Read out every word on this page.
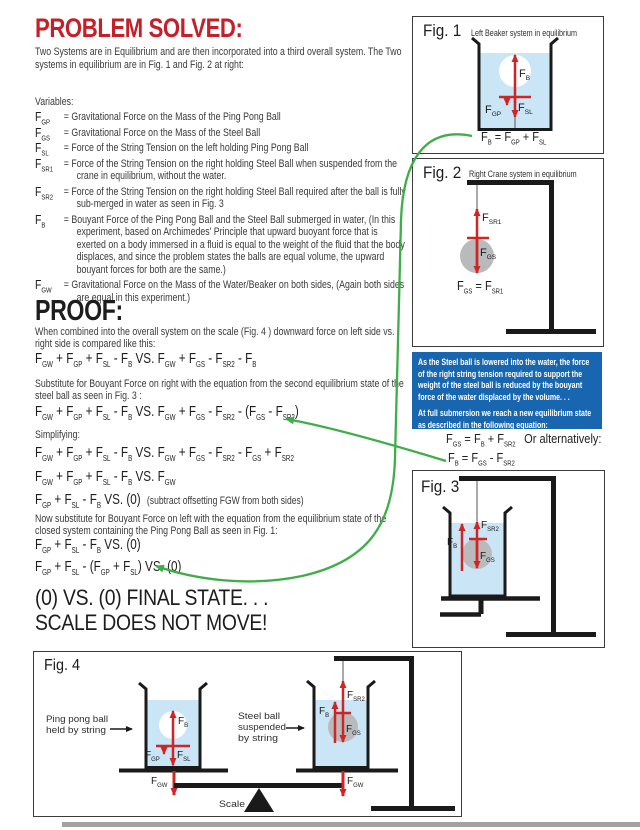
PROBLEM SOLVED:
Two Systems are in Equilibrium and are then incorporated into a third overall system. The Two systems in equilibrium are in Fig. 1 and Fig. 2 at right:
Variables:
$F_{GP}$	= Gravitational Force on the Mass of the Ping Pong Ball
$F_{GS}$	= Gravitational Force on the Mass of the Steel Ball
$F_{SL}$	= Force of the String Tension on the left holding Ping Pong Ball
$F_{SR1}$ = Force of the String Tension on the right holding Steel Ball when suspended from the crane in equilibrium, without the water.
$F_{SR2}$ = Force of the String Tension on the right holding Steel Ball required after the ball is fully sub-merged in water as seen in Fig. 3
$F_B$	= Bouyant Force of the Ping Pong Ball and the Steel Ball submerged in water, (In this experiment, based on Archimedes' Principle that upward buoyant force that is exerted on a body immersed in a fluid is equal to the weight of the fluid that the body displaces, and since the problem states the balls are equal volume, the upward bouyant forces for both are the same.)
$F_{GW}$	= Gravitational Force on the Mass of the Water/Beaker on both sides, (Again both sides are equal in this experiment.)
PROOF:
When combined into the overall system on the scale (Fig. 4 ) downward force on left side vs. right side is compared like this:
$F_{GW} + F_{GP} + F_{SL} - F_B$ VS. $F_{GW} + F_{GS} - F_{SR2} - F_B$
Substitute for Bouyant Force on right with the equation from the second equilibrium state of the steel ball as seen in Fig. 3 :
$F_{GW} + F_{GP} + F_{SL} - F_B$ VS. $F_{GW} + F_{GS} - F_{SR2} - (F_{GS} - F_{SR2})$
Simplifying:
$F_{GW} + F_{GP} + F_{SL} - F_B$ VS. $F_{GW} + F_{GS} - F_{SR2} - F_{GS} + F_{SR2}$
$F_{GW} + F_{GP} + F_{SL} - F_B$ VS. $F_{GW}$
$F_{GP} + F_{SL} - F_B$ VS. (0) (subtract offsetting FGW from both sides)
Now substitute for Bouyant Force on left with the equation from the equilibrium state of the closed system containing the Ping Pong Ball as seen in Fig. 1:
$F_{GP} + F_{SL} - F_B$ VS. (0)
$F_{GP} + F_{SL} - (F_{GP} + F_{SL})$ VS. (0)
(0) VS. (0) FINAL STATE. . .
SCALE DOES NOT MOVE!
Fig. 1 Left Beaker system in equilibrium
$F_B$
$F_{GP}$
$F_{SL}$
$F_B = F_{GP} + F_{SL}$
Fig. 2 Right Crane system in equilibrium
$F_{SR1}$
$F_{GS}$
$F_{GS} = F_{SR1}$

As the Steel ball is lowered into the water, the force of the right string tension required to support the weight of the steel ball is reduced by the bouyant force of the water displaced by the volume. . .

At full submersion we reach a new equilibrium state as described in the following equation:

$F_{GS} = F_B + F_{SR2}$ Or alternatively:
$F_B = F_{GS} - F_{SR2}$
Fig. 3
$F_B$
$F_{SR2}$
$F_{GS}$
Fig. 4
Ping pong ball
held by string
Steel ball
suspended
by string
Scale
$F_B$
$F_{GP}$ $F_{SL}$
$F_{GW}$
$F_B$
$F_{SR2}$
$F_{GS}$
$F_{GW}$
